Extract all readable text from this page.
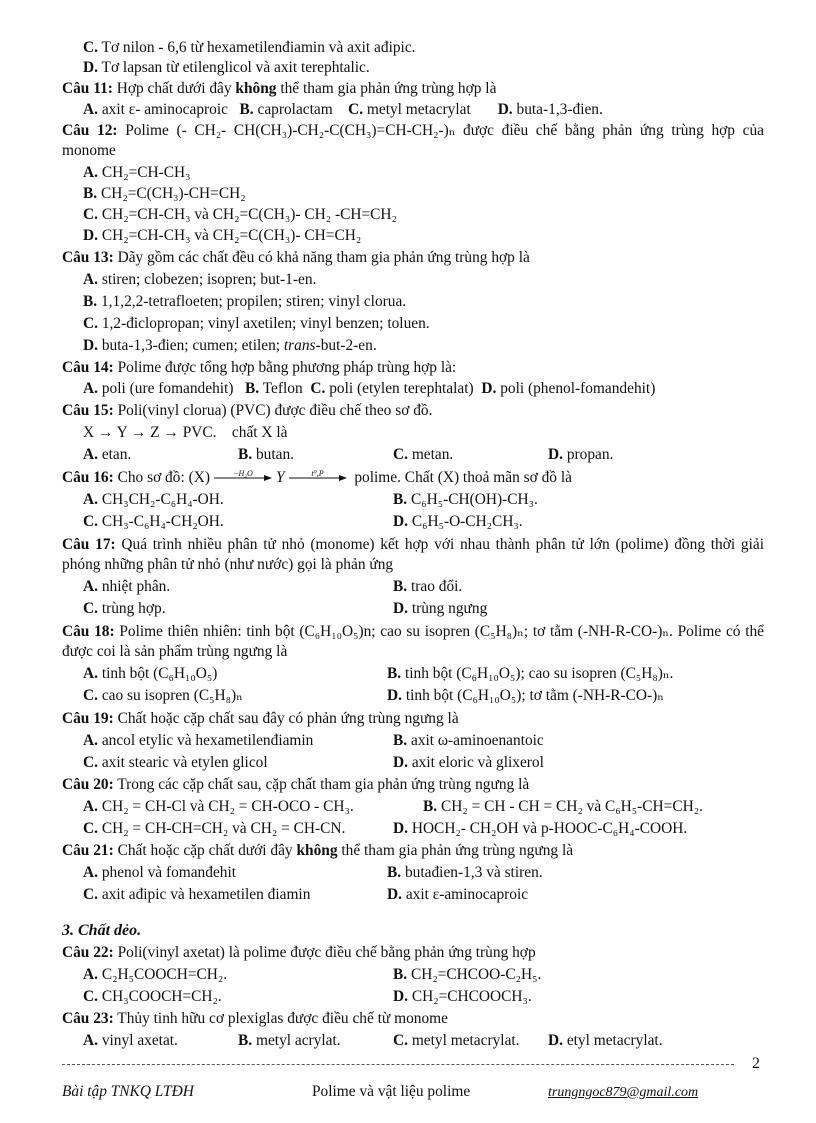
C. Tơ nilon - 6,6 từ hexametilenđiamin và axit ađipic.
D. Tơ lapsan từ etilenglicol và axit terephtalic.
Câu 11: Hợp chất dưới đây không thể tham gia phản ứng trùng hợp là
A. axit ε- aminocaproic B. caprolactam C. metyl metacrylat D. buta-1,3-đien.
Câu 12: Polime (- CH₂- CH(CH₃)-CH₂-C(CH₃)=CH-CH₂-)ₙ được điều chế bằng phản ứng trùng hợp của monome
A. CH₂=CH-CH₃
B. CH₂=C(CH₃)-CH=CH₂
C. CH₂=CH-CH₃ và CH₂=C(CH₃)- CH₂ -CH=CH₂
D. CH₂=CH-CH₃ và CH₂=C(CH₃)- CH=CH₂
Câu 13: Dãy gồm các chất đều có khả năng tham gia phản ứng trùng hợp là
A. stiren; clobezen; isopren; but-1-en.
B. 1,1,2,2-tetrafloeten; propilen; stiren; vinyl clorua.
C. 1,2-điclopropan; vinyl axetilen; vinyl benzen; toluen.
D. buta-1,3-đien; cumen; etilen; trans-but-2-en.
Câu 14: Polime được tổng hợp bằng phương pháp trùng hợp là:
A. poli (ure fomandehit) B. Teflon C. poli (etylen terephtalat) D. poli (phenol-fomandehit)
Câu 15: Poli(vinyl clorua) (PVC) được điều chế theo sơ đồ.
X → Y → Z → PVC.    chất X là
A. etan.	B. butan.	C. metan.	D. propan.
Câu 16: Cho sơ đồ: (X)	−H₂O	Y	t⁰,P	polime. Chất (X) thoả mãn sơ đồ là
A. CH₃CH₂-C₆H₄-OH.	B. C₆H₅-CH(OH)-CH₃.
C. CH₃-C₆H₄-CH₂OH.	D. C₆H₅-O-CH₂CH₃.
Câu 17: Quá trình nhiều phân tử nhỏ (monome) kết hợp với nhau thành phân tử lớn (polime) đồng thời giải phóng những phân tử nhỏ (như nước) gọi là phản ứng
A. nhiệt phân.	B. trao đổi.
C. trùng hợp.	D. trùng ngưng
Câu 18: Polime thiên nhiên: tinh bột (C₆H₁₀O₅)n; cao su isopren (C₅H₈)ₙ; tơ tằm (-NH-R-CO-)ₙ. Polime có thể được coi là sản phẩm trùng ngưng là
A. tinh bột (C₆H₁₀O₅)	B. tinh bột (C₆H₁₀O₅); cao su isopren (C₅H₈)ₙ.
C. cao su isopren (C₅H₈)ₙ	D. tinh bột (C₆H₁₀O₅); tơ tằm (-NH-R-CO-)ₙ
Câu 19: Chất hoặc cặp chất sau đây có phản ứng trùng ngưng là
A. ancol etylic và hexametilenđiamin	B. axit ω-aminoenantoic
C. axit stearic và etylen glicol	D. axit eloric và glixerol
Câu 20: Trong các cặp chất sau, cặp chất tham gia phản ứng trùng ngưng là
A. CH₂ = CH-Cl và CH₂ = CH-OCO - CH₃.	B. CH₂ = CH - CH = CH₂ và C₆H₅-CH=CH₂.
C. CH₂ = CH-CH=CH₂ và CH₂ = CH-CN.	D. HOCH₂- CH₂OH và p-HOOC-C₆H₄-COOH.
Câu 21: Chất hoặc cặp chất dưới đây không thể tham gia phản ứng trùng ngưng là
A. phenol và fomanđehit	B. butađien-1,3 và stiren.
C. axit ađipic và hexametilen điamin	D. axit ε-aminocaproic
3. Chất dẻo.
Câu 22: Poli(vinyl axetat) là polime được điều chế bằng phản ứng trùng hợp
A. C₂H₅COOCH=CH₂.	B. CH₂=CHCOO-C₂H₅.
C. CH₃COOCH=CH₂.	D. CH₂=CHCOOCH₃.
Câu 23: Thủy tinh hữu cơ plexiglas được điều chế từ monome
A. vinyl axetat.	B. metyl acrylat.	C. metyl metacrylat. D. etyl metacrylat.
2
Bài tập TNKQ LTĐH	Polime và vật liệu polime	trungngoc879@gmail.com
